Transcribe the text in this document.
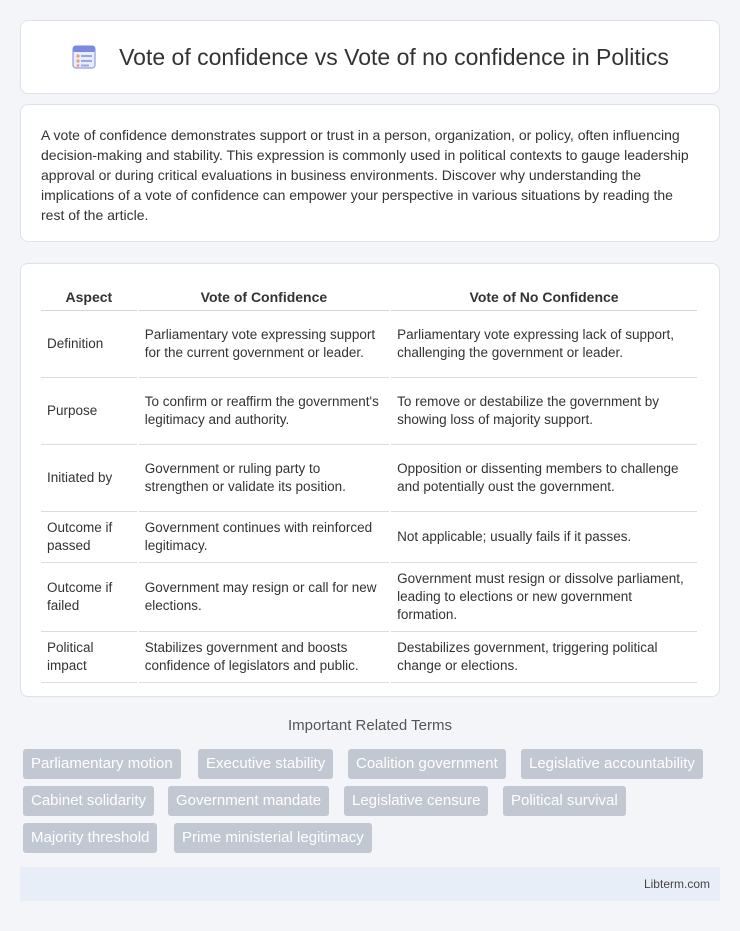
Vote of confidence vs Vote of no confidence in Politics

A vote of confidence demonstrates support or trust in a person, organization, or policy, often influencing decision-making and stability. This expression is commonly used in political contexts to gauge leadership approval or during critical evaluations in business environments. Discover why understanding the implications of a vote of confidence can empower your perspective in various situations by reading the rest of the article.

Aspect	Vote of Confidence	Vote of No Confidence
Definition	Parliamentary vote expressing support for the current government or leader.	Parliamentary vote expressing lack of support, challenging the government or leader.
Purpose	To confirm or reaffirm the government's legitimacy and authority.	To remove or destabilize the government by showing loss of majority support.
Initiated by	Government or ruling party to strengthen or validate its position.	Opposition or dissenting members to challenge and potentially oust the government.
Outcome if passed	Government continues with reinforced legitimacy.	Not applicable; usually fails if it passes.
Outcome if failed	Government may resign or call for new elections.	Government must resign or dissolve parliament, leading to elections or new government formation.
Political impact	Stabilizes government and boosts confidence of legislators and public.	Destabilizes government, triggering political change or elections.
Important Related Terms
Parliamentary motion	Executive stability	Coalition government	Legislative accountability
Cabinet solidarity	Government mandate	Legislative censure	Political survival
Majority threshold	Prime ministerial legitimacy
Libterm.com
